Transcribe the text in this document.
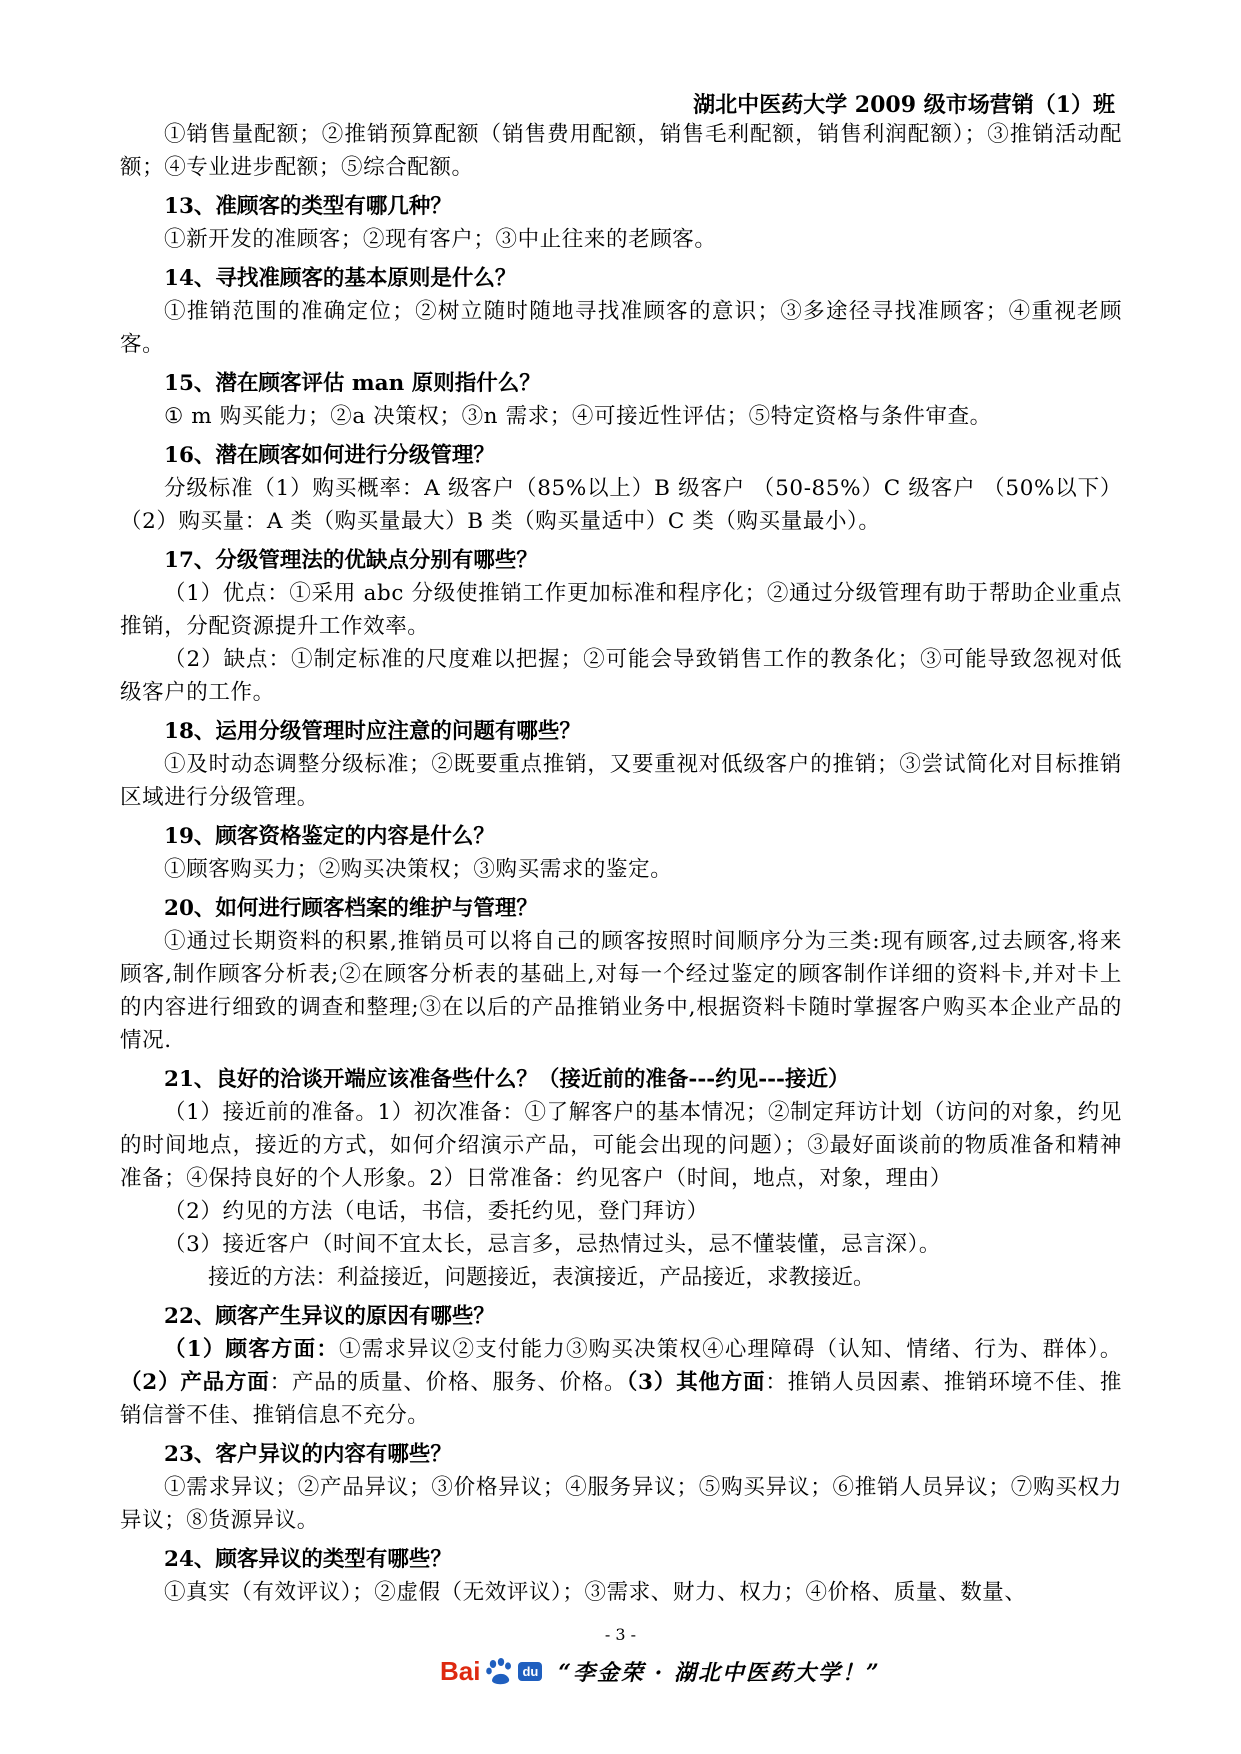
湖北中医药大学 2009 级市场营销（1）班
①销售量配额；②推销预算配额（销售费用配额，销售毛利配额，销售利润配额）；③推销活动配额；④专业进步配额；⑤综合配额。
13、准顾客的类型有哪几种？
①新开发的准顾客；②现有客户；③中止往来的老顾客。
14、寻找准顾客的基本原则是什么？
①推销范围的准确定位；②树立随时随地寻找准顾客的意识；③多途径寻找准顾客；④重视老顾客。
15、潜在顾客评估 man 原则指什么？
① m 购买能力；②a 决策权；③n 需求；④可接近性评估；⑤特定资格与条件审查。
16、潜在顾客如何进行分级管理？
分级标准（1）购买概率：A 级客户（85%以上）B 级客户 （50-85%）C 级客户 （50%以下）（2）购买量：A 类（购买量最大）B 类（购买量适中）C 类（购买量最小）。
17、分级管理法的优缺点分别有哪些？
（1）优点：①采用 abc 分级使推销工作更加标准和程序化；②通过分级管理有助于帮助企业重点推销，分配资源提升工作效率。
（2）缺点：①制定标准的尺度难以把握；②可能会导致销售工作的教条化；③可能导致忽视对低级客户的工作。
18、运用分级管理时应注意的问题有哪些？
①及时动态调整分级标准；②既要重点推销，又要重视对低级客户的推销；③尝试简化对目标推销区域进行分级管理。
19、顾客资格鉴定的内容是什么？
①顾客购买力；②购买决策权；③购买需求的鉴定。
20、如何进行顾客档案的维护与管理？
①通过长期资料的积累,推销员可以将自己的顾客按照时间顺序分为三类:现有顾客,过去顾客,将来顾客,制作顾客分析表;②在顾客分析表的基础上,对每一个经过鉴定的顾客制作详细的资料卡,并对卡上的内容进行细致的调查和整理;③在以后的产品推销业务中,根据资料卡随时掌握客户购买本企业产品的情况.
21、良好的洽谈开端应该准备些什么？（接近前的准备---约见---接近）
（1）接近前的准备。1）初次准备：①了解客户的基本情况；②制定拜访计划（访问的对象，约见的时间地点，接近的方式，如何介绍演示产品，可能会出现的问题）；③最好面谈前的物质准备和精神准备；④保持良好的个人形象。2）日常准备：约见客户（时间，地点，对象，理由）
（2）约见的方法（电话，书信，委托约见，登门拜访）
（3）接近客户（时间不宜太长，忌言多，忌热情过头，忌不懂装懂，忌言深）。
接近的方法：利益接近，问题接近，表演接近，产品接近，求教接近。
22、顾客产生异议的原因有哪些？
（1）顾客方面：①需求异议②支付能力③购买决策权④心理障碍（认知、情绪、行为、群体）。（2）产品方面：产品的质量、价格、服务、价格。（3）其他方面：推销人员因素、推销环境不佳、推销信誉不佳、推销信息不充分。
23、客户异议的内容有哪些？
①需求异议；②产品异议；③价格异议；④服务异议；⑤购买异议；⑥推销人员异议；⑦购买权力异议；⑧货源异议。
24、顾客异议的类型有哪些？
①真实（有效评议）；②虚假（无效评议）；③需求、财力、权力；④价格、质量、数量、
- 3 -
Bai	du “李金荣 · 湖北中医药大学！”
